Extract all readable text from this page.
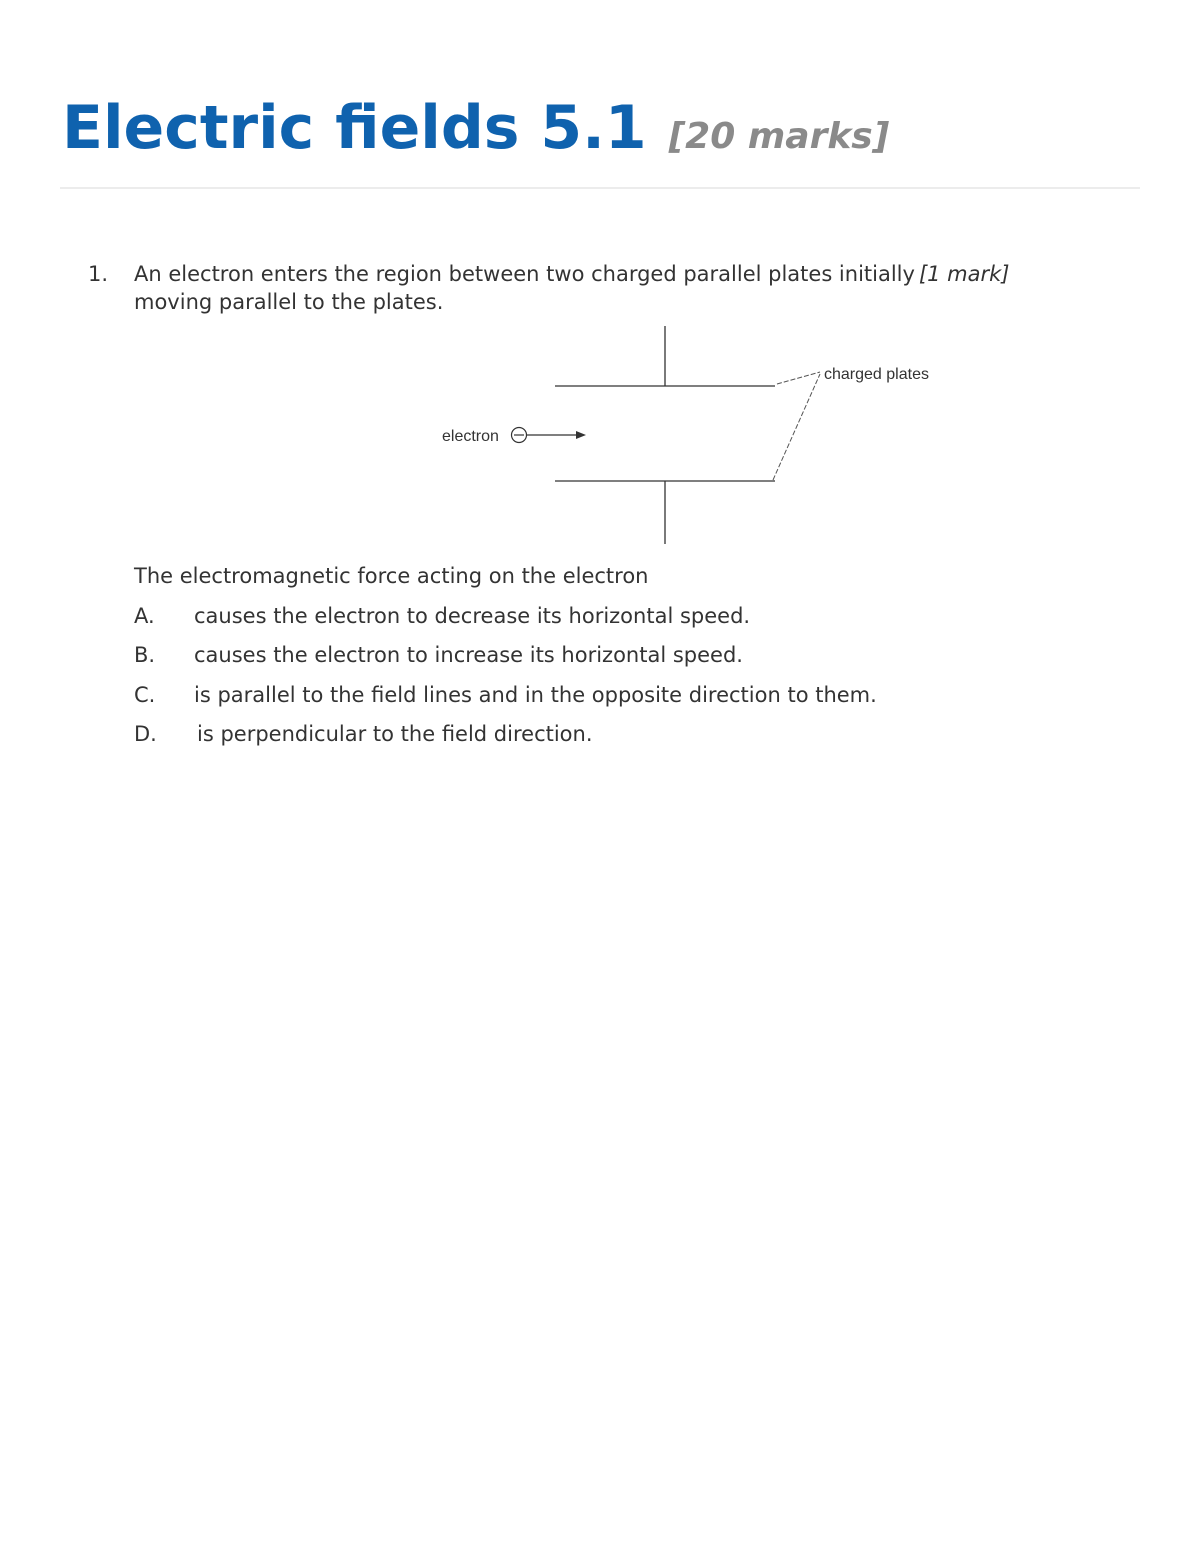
Electric fields 5.1 [20 marks]
1. An electron enters the region between two charged parallel plates initially [1 mark]
moving parallel to the plates.
charged plates
electron
The electromagnetic force acting on the electron
A. causes the electron to decrease its horizontal speed.
B. causes the electron to increase its horizontal speed.
C. is parallel to the field lines and in the opposite direction to them.
D. is perpendicular to the field direction.
